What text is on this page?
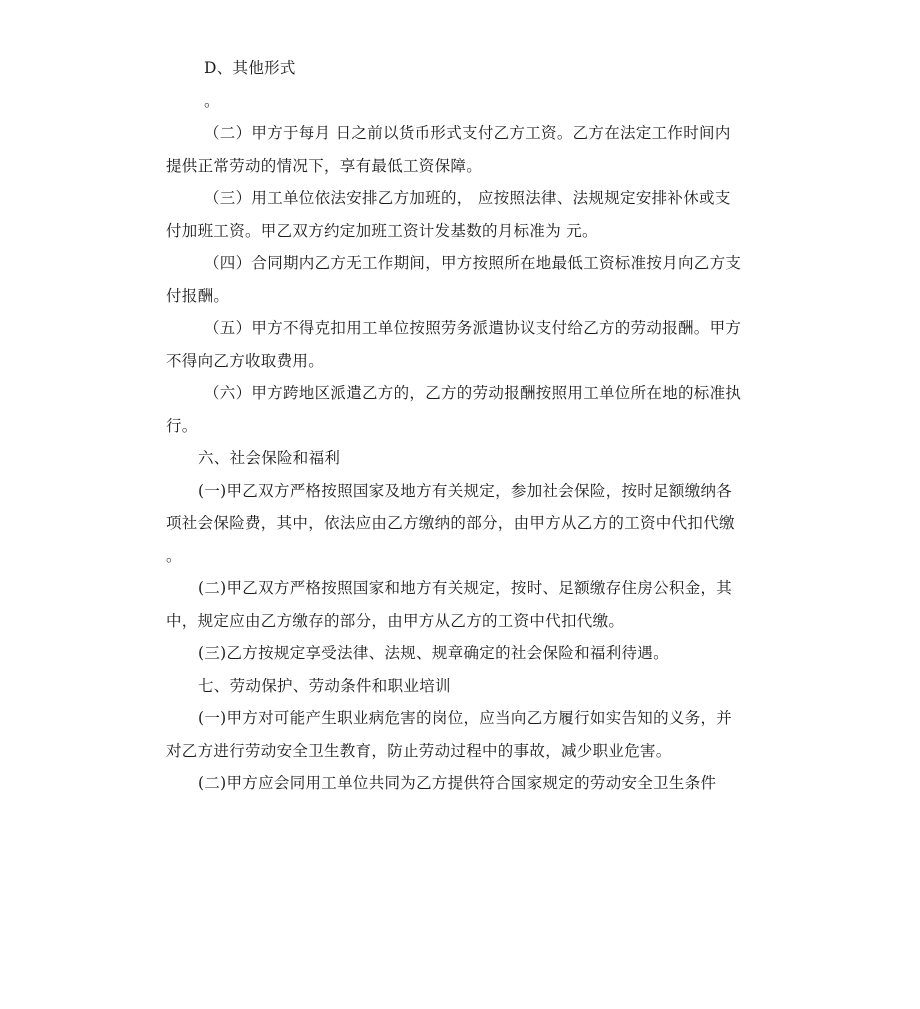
D、其他形式
。
（二）甲方于每月 日之前以货币形式支付乙方工资。乙方在法定工作时间内
提供正常劳动的情况下，享有最低工资保障。
（三）用工单位依法安排乙方加班的， 应按照法律、法规规定安排补休或支
付加班工资。甲乙双方约定加班工资计发基数的月标准为 元。
（四）合同期内乙方无工作期间，甲方按照所在地最低工资标准按月向乙方支
付报酬。
（五）甲方不得克扣用工单位按照劳务派遣协议支付给乙方的劳动报酬。甲方
不得向乙方收取费用。
（六）甲方跨地区派遣乙方的，乙方的劳动报酬按照用工单位所在地的标准执
行。
六、社会保险和福利
(一)甲乙双方严格按照国家及地方有关规定，参加社会保险，按时足额缴纳各
项社会保险费，其中，依法应由乙方缴纳的部分，由甲方从乙方的工资中代扣代缴
。
(二)甲乙双方严格按照国家和地方有关规定，按时、足额缴存住房公积金，其
中，规定应由乙方缴存的部分，由甲方从乙方的工资中代扣代缴。
(三)乙方按规定享受法律、法规、规章确定的社会保险和福利待遇。
七、劳动保护、劳动条件和职业培训
(一)甲方对可能产生职业病危害的岗位，应当向乙方履行如实告知的义务，并
对乙方进行劳动安全卫生教育，防止劳动过程中的事故，减少职业危害。
(二)甲方应会同用工单位共同为乙方提供符合国家规定的劳动安全卫生条件
